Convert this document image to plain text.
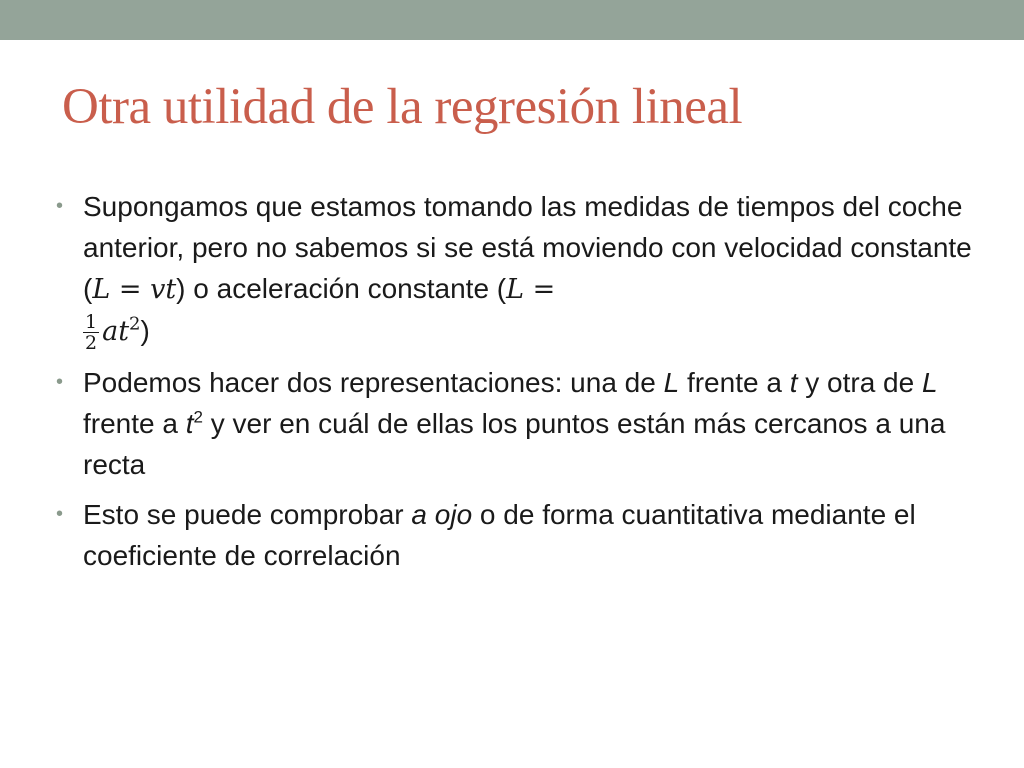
Otra utilidad de la regresión lineal
• Supongamos que estamos tomando las medidas de tiempos del coche anterior, pero no sabemos si se está moviendo con velocidad constante (L = vt) o aceleración constante (L =

$\frac{1}{2} at^2$)
• Podemos hacer dos representaciones: una de L frente a t y otra de L frente a $t^2$ y ver en cuál de ellas los puntos están más cercanos a una recta
• Esto se puede comprobar a ojo o de forma cuantitativa mediante el coeficiente de correlación
